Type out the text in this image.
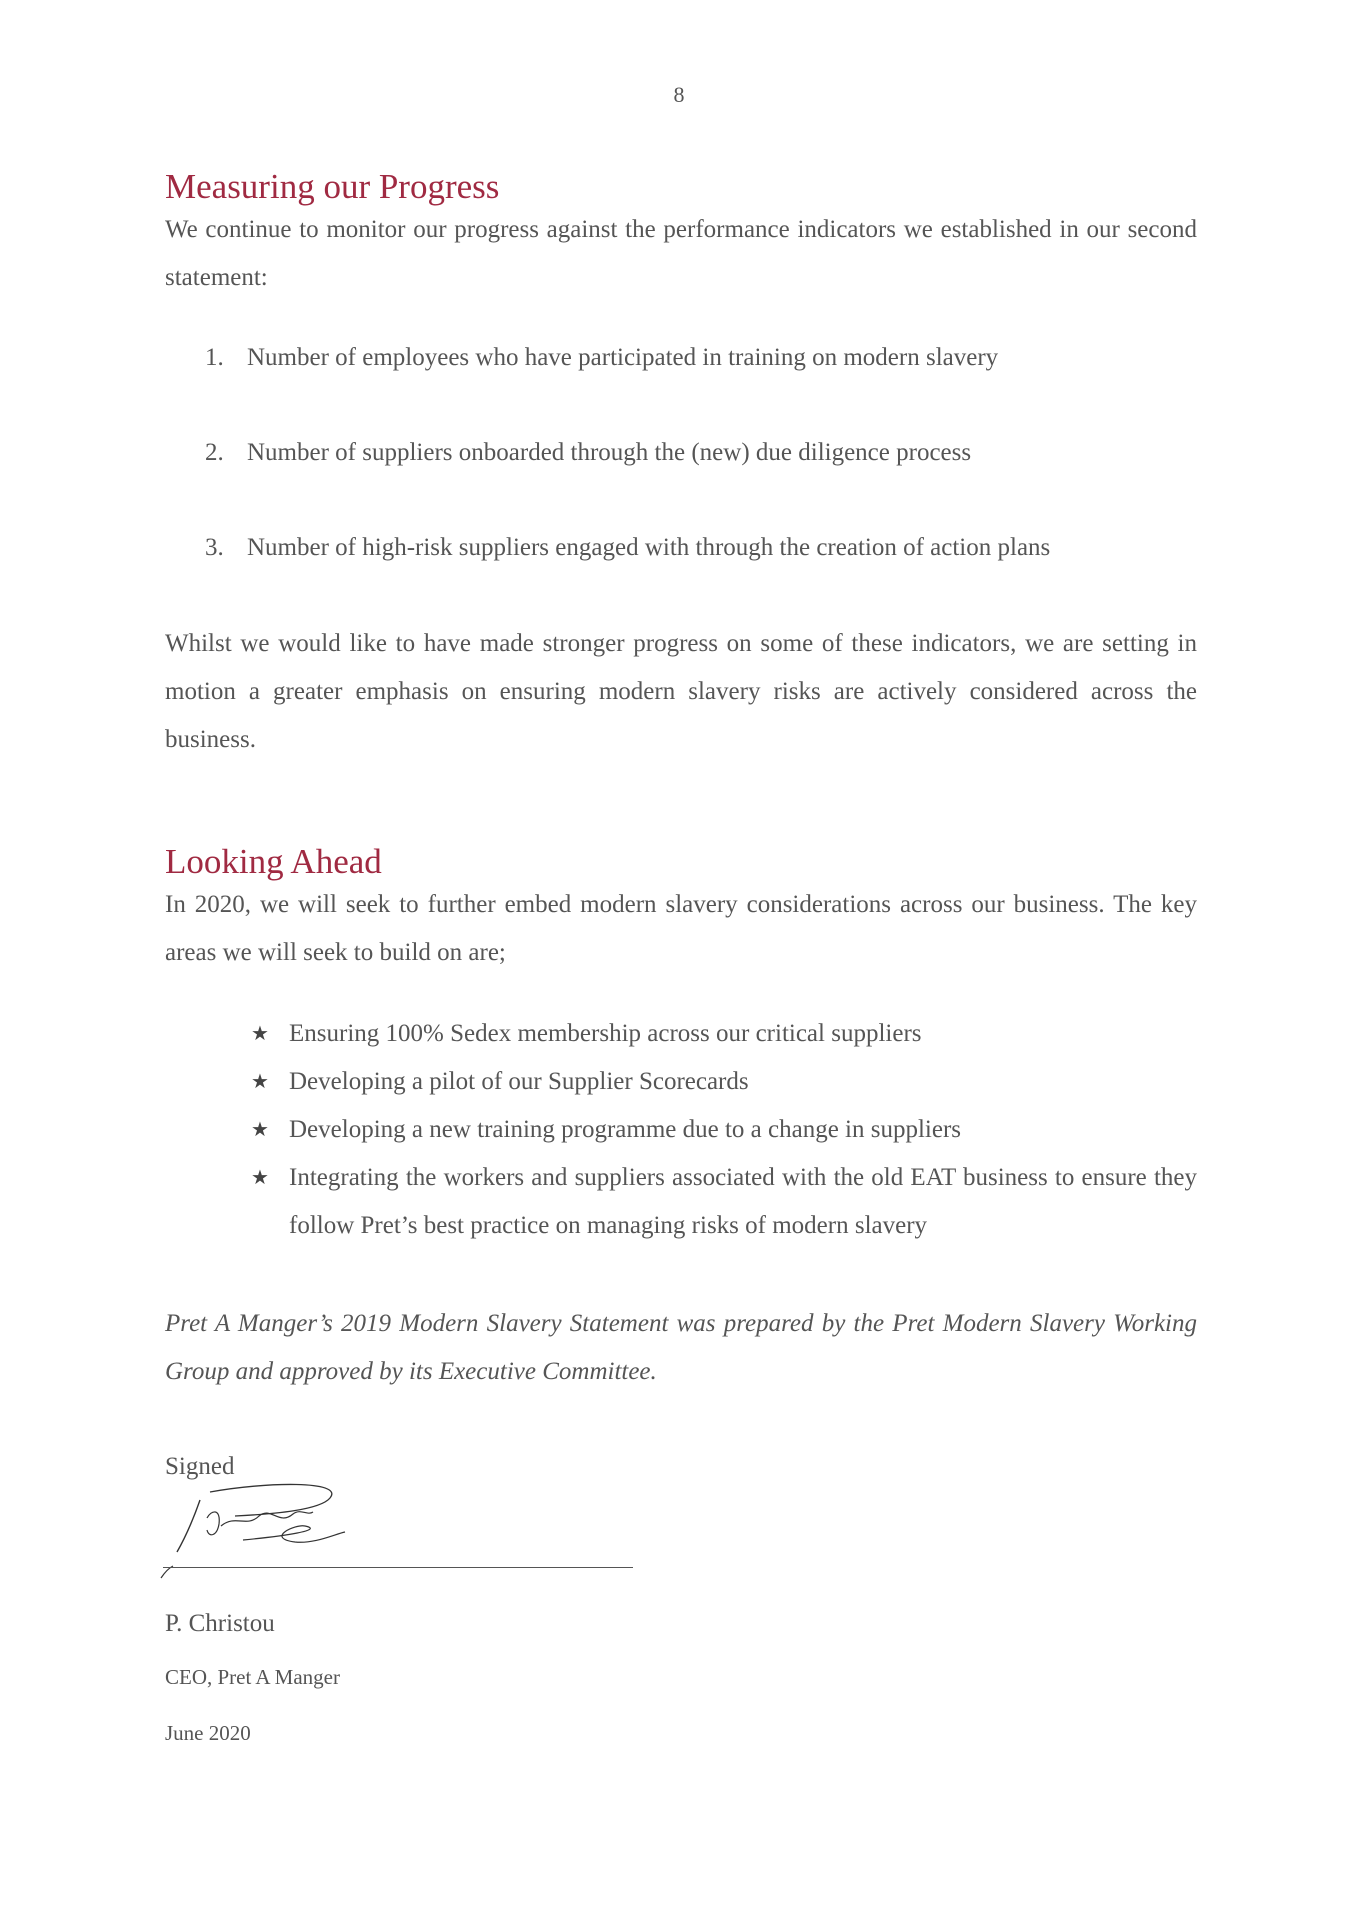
8
Measuring our Progress

We continue to monitor our progress against the performance indicators we established in our second statement:

1. Number of employees who have participated in training on modern slavery
2. Number of suppliers onboarded through the (new) due diligence process
3. Number of high-risk suppliers engaged with through the creation of action plans

Whilst we would like to have made stronger progress on some of these indicators, we are setting in motion a greater emphasis on ensuring modern slavery risks are actively considered across the business.

Looking Ahead

In 2020, we will seek to further embed modern slavery considerations across our business. The key areas we will seek to build on are;

★ Ensuring 100% Sedex membership across our critical suppliers
★ Developing a pilot of our Supplier Scorecards
★ Developing a new training programme due to a change in suppliers
★ Integrating the workers and suppliers associated with the old EAT business to ensure they follow Pret’s best practice on managing risks of modern slavery

Pret A Manger’s 2019 Modern Slavery Statement was prepared by the Pret Modern Slavery Working Group and approved by its Executive Committee.

Signed

P. Christou

CEO, Pret A Manger

June 2020
